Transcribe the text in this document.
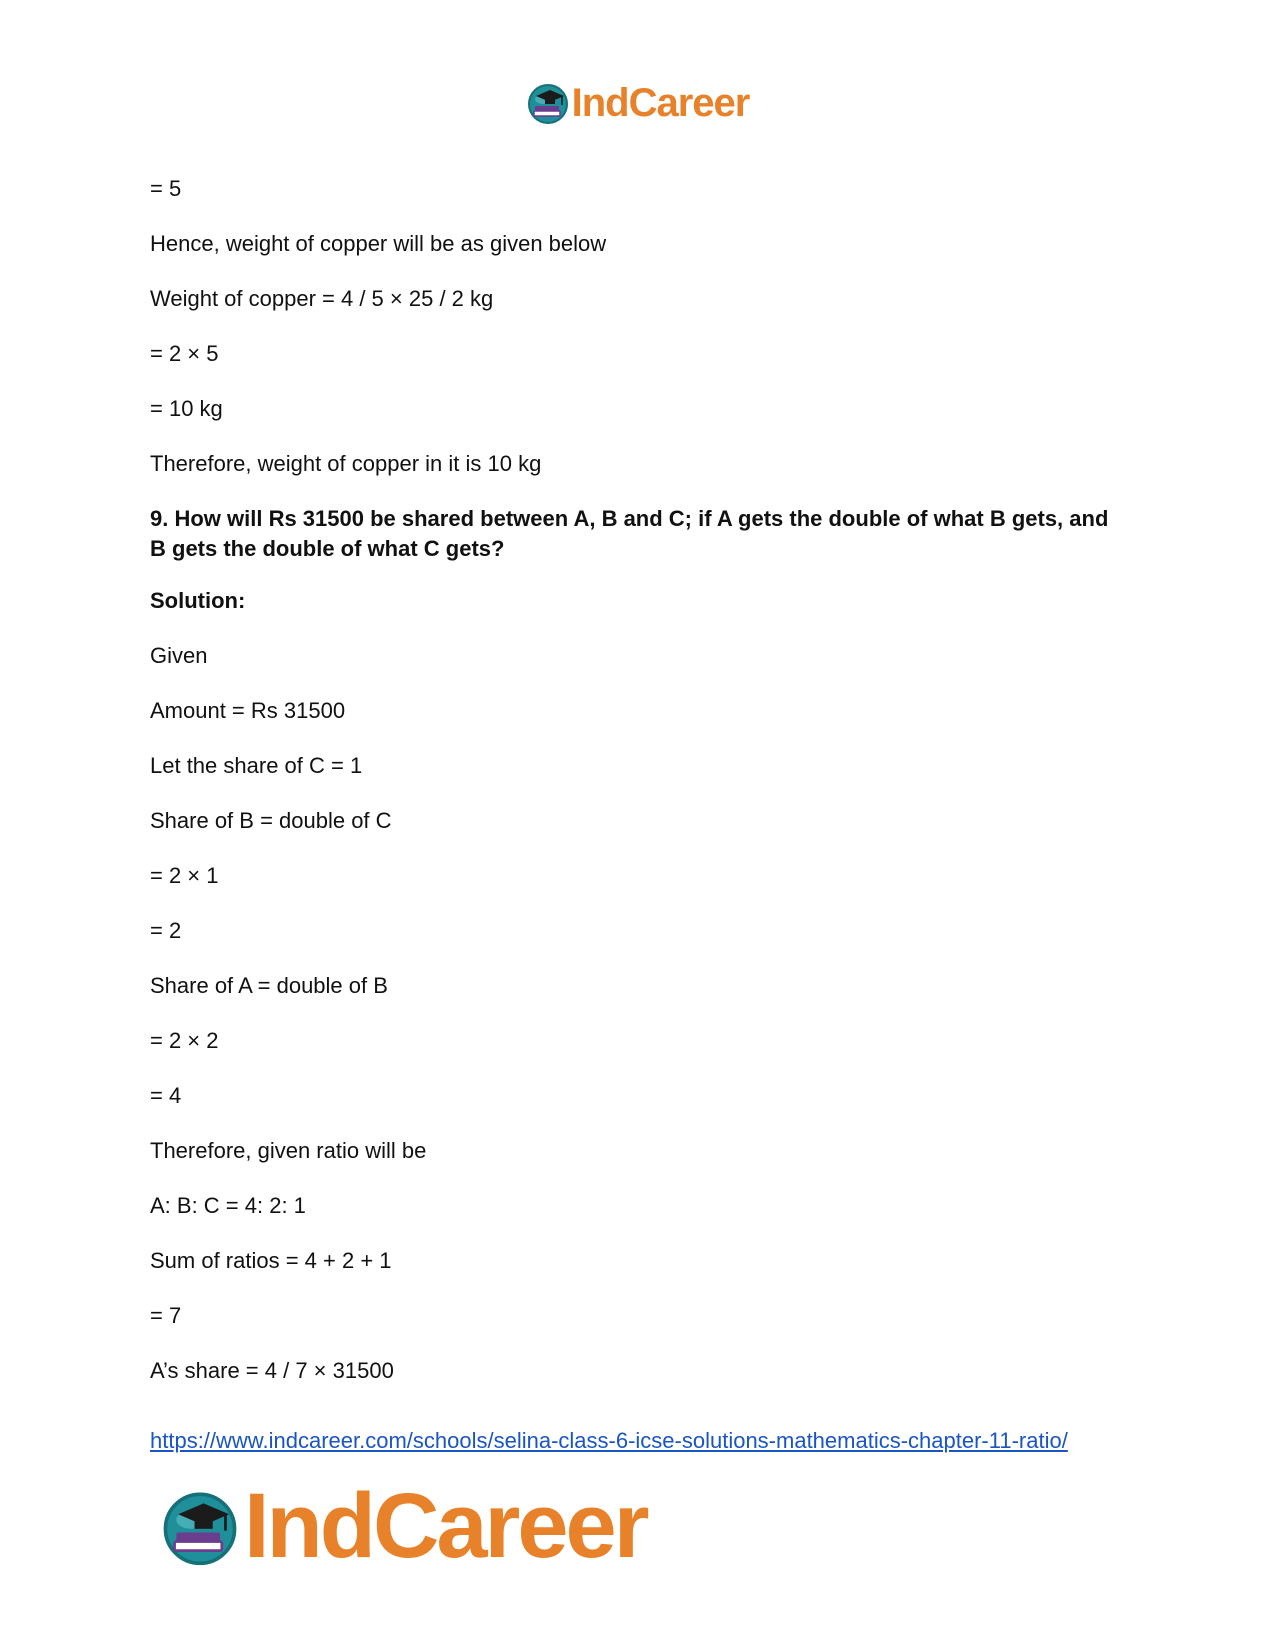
IndCareer

= 5

Hence, weight of copper will be as given below

Weight of copper = 4 / 5 × 25 / 2 kg

= 2 × 5

= 10 kg

Therefore, weight of copper in it is 10 kg

9. How will Rs 31500 be shared between A, B and C; if A gets the double of what B gets, and B gets the double of what C gets?

Solution:

Given

Amount = Rs 31500

Let the share of C = 1

Share of B = double of C

= 2 × 1

= 2

Share of A = double of B

= 2 × 2

= 4

Therefore, given ratio will be

A: B: C = 4: 2: 1

Sum of ratios = 4 + 2 + 1

= 7

A’s share = 4 / 7 × 31500

https://www.indcareer.com/schools/selina-class-6-icse-solutions-mathematics-chapter-11-ratio/
IndCareer
